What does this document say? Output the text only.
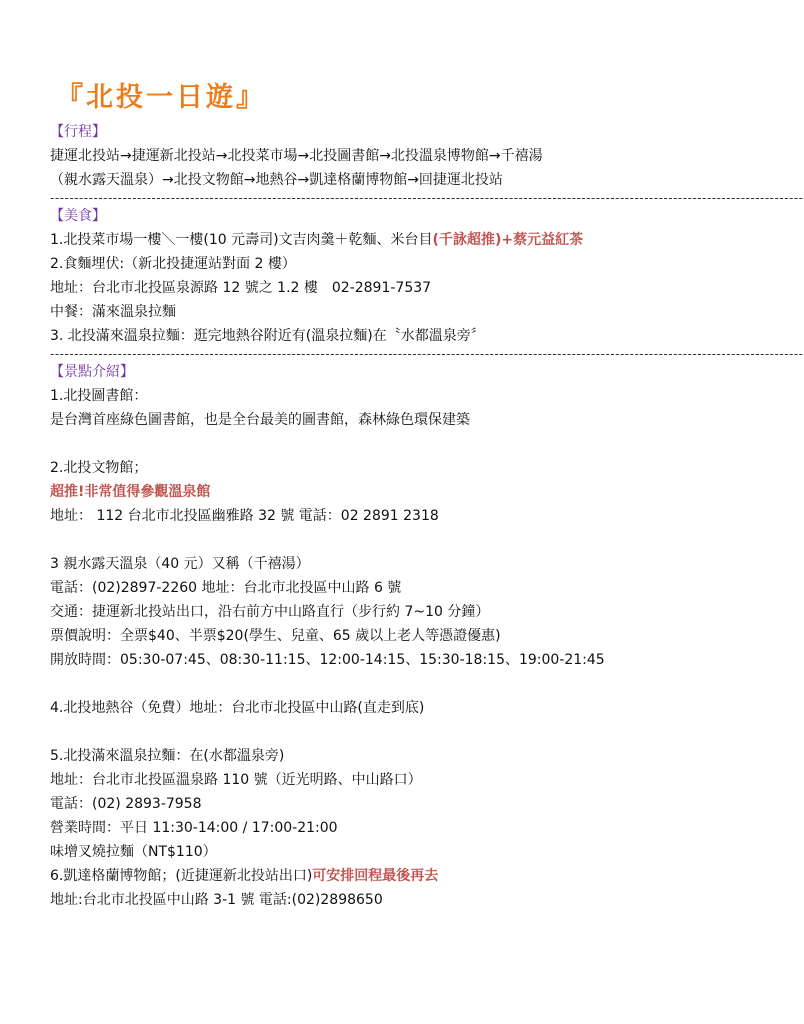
『北投一日遊』
【行程】
捷運北投站→捷運新北投站→北投菜市場→北投圖書館→北投溫泉博物館→千禧湯
（親水露天溫泉）→北投文物館→地熱谷→凱達格蘭博物館→回捷運北投站
------------------------------------------------------------------------------------------------------------------------------------------------------------
【美食】
1.北投菜市場一樓＼一樓(10 元壽司)文吉肉羹＋乾麵、米台目(千詠超推)+蔡元益紅茶
2.食麵埋伏:（新北投捷運站對面 2 樓）
地址：台北市北投區泉源路 12 號之 1.2 樓　02-2891-7537
中餐：滿來溫泉拉麵
3. 北投滿來溫泉拉麵：逛完地熱谷附近有(溫泉拉麵)在〝水都溫泉旁〞
------------------------------------------------------------------------------------------------------------------------------------------------------------
【景點介紹】
1.北投圖書館：
是台灣首座綠色圖書館，也是全台最美的圖書館，森林綠色環保建築
2.北投文物館；
超推!非常值得參觀溫泉館
地址： 112 台北市北投區幽雅路 32 號 電話：02 2891 2318
3 親水露天溫泉（40 元）又稱（千禧湯）
電話：(02)2897-2260 地址：台北市北投區中山路 6 號
交通：捷運新北投站出口，沿右前方中山路直行（步行約 7~10 分鐘）
票價說明：全票$40、半票$20(學生、兒童、65 歲以上老人等憑證優惠)
開放時間：05:30-07:45、08:30-11:15、12:00-14:15、15:30-18:15、19:00-21:45
4.北投地熱谷（免費）地址：台北市北投區中山路(直走到底)
5.北投滿來溫泉拉麵：在(水都溫泉旁)
地址：台北市北投區溫泉路 110 號（近光明路、中山路口）
電話：(02) 2893-7958
營業時間：平日 11:30-14:00 / 17:00-21:00
味增叉燒拉麵（NT$110）
6.凱達格蘭博物館；(近捷運新北投站出口)可安排回程最後再去
地址:台北市北投區中山路 3-1 號 電話:(02)2898650
